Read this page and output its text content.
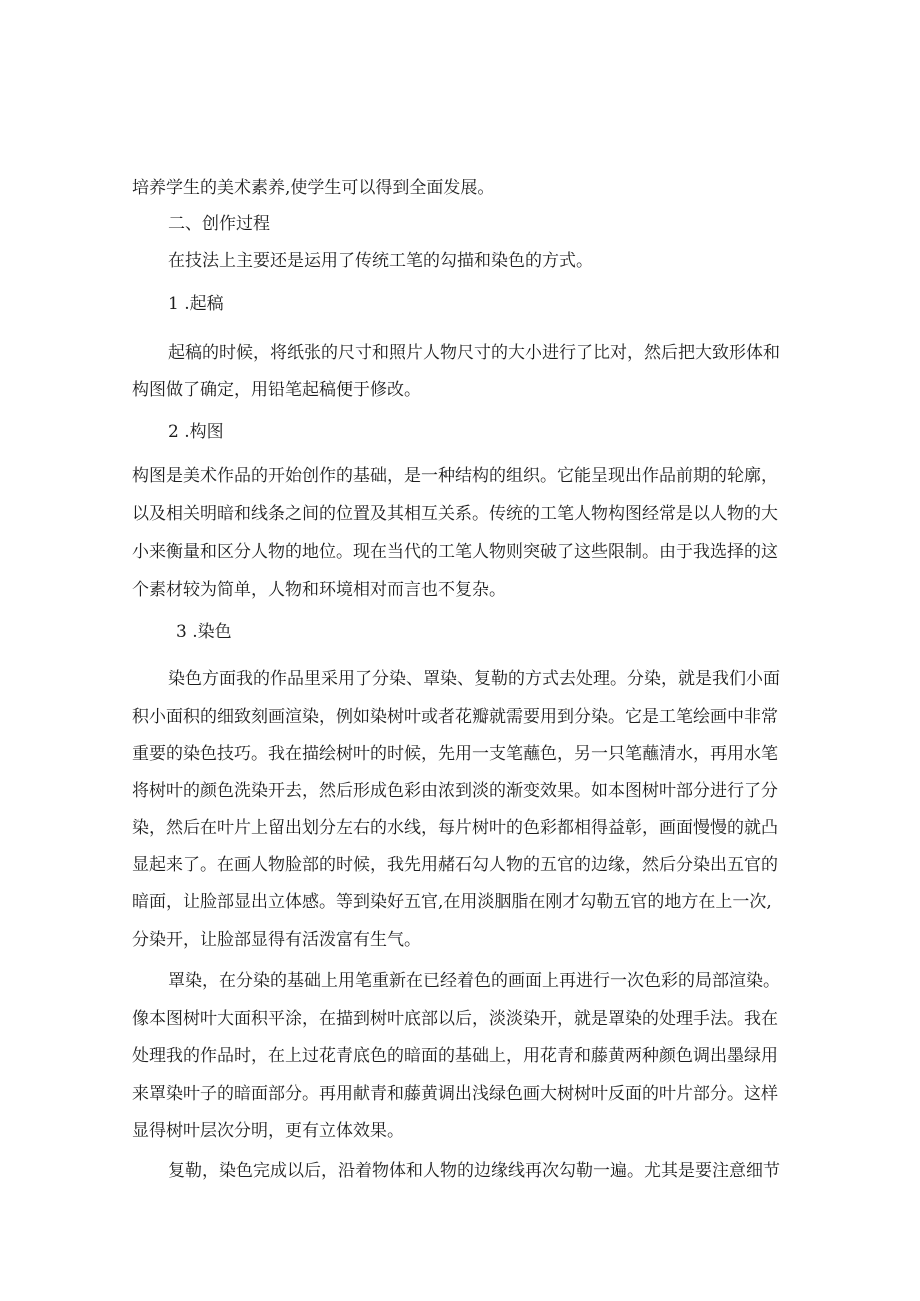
培养学生的美术素养,使学生可以得到全面发展。
二、创作过程
在技法上主要还是运用了传统工笔的勾描和染色的方式。
1 .起稿
起稿的时候，将纸张的尺寸和照片人物尺寸的大小进行了比对，然后把大致形体和
构图做了确定，用铅笔起稿便于修改。
2 .构图
构图是美术作品的开始创作的基础，是一种结构的组织。它能呈现出作品前期的轮廓，
以及相关明暗和线条之间的位置及其相互关系。传统的工笔人物构图经常是以人物的大
小来衡量和区分人物的地位。现在当代的工笔人物则突破了这些限制。由于我选择的这
个素材较为简单，人物和环境相对而言也不复杂。
3 .染色
染色方面我的作品里采用了分染、罩染、复勒的方式去处理。分染，就是我们小面
积小面积的细致刻画渲染，例如染树叶或者花瓣就需要用到分染。它是工笔绘画中非常
重要的染色技巧。我在描绘树叶的时候，先用一支笔蘸色，另一只笔蘸清水，再用水笔
将树叶的颜色洗染开去，然后形成色彩由浓到淡的渐变效果。如本图树叶部分进行了分
染，然后在叶片上留出划分左右的水线，每片树叶的色彩都相得益彰，画面慢慢的就凸
显起来了。在画人物脸部的时候，我先用赭石勾人物的五官的边缘，然后分染出五官的
暗面，让脸部显出立体感。等到染好五官,在用淡胭脂在刚才勾勒五官的地方在上一次,
分染开，让脸部显得有活泼富有生气。
罩染，在分染的基础上用笔重新在已经着色的画面上再进行一次色彩的局部渲染。
像本图树叶大面积平涂，在描到树叶底部以后，淡淡染开，就是罩染的处理手法。我在
处理我的作品时，在上过花青底色的暗面的基础上，用花青和藤黄两种颜色调出墨绿用
来罩染叶子的暗面部分。再用献青和藤黄调出浅绿色画大树树叶反面的叶片部分。这样
显得树叶层次分明，更有立体效果。
复勒，染色完成以后，沿着物体和人物的边缘线再次勾勒一遍。尤其是要注意细节
